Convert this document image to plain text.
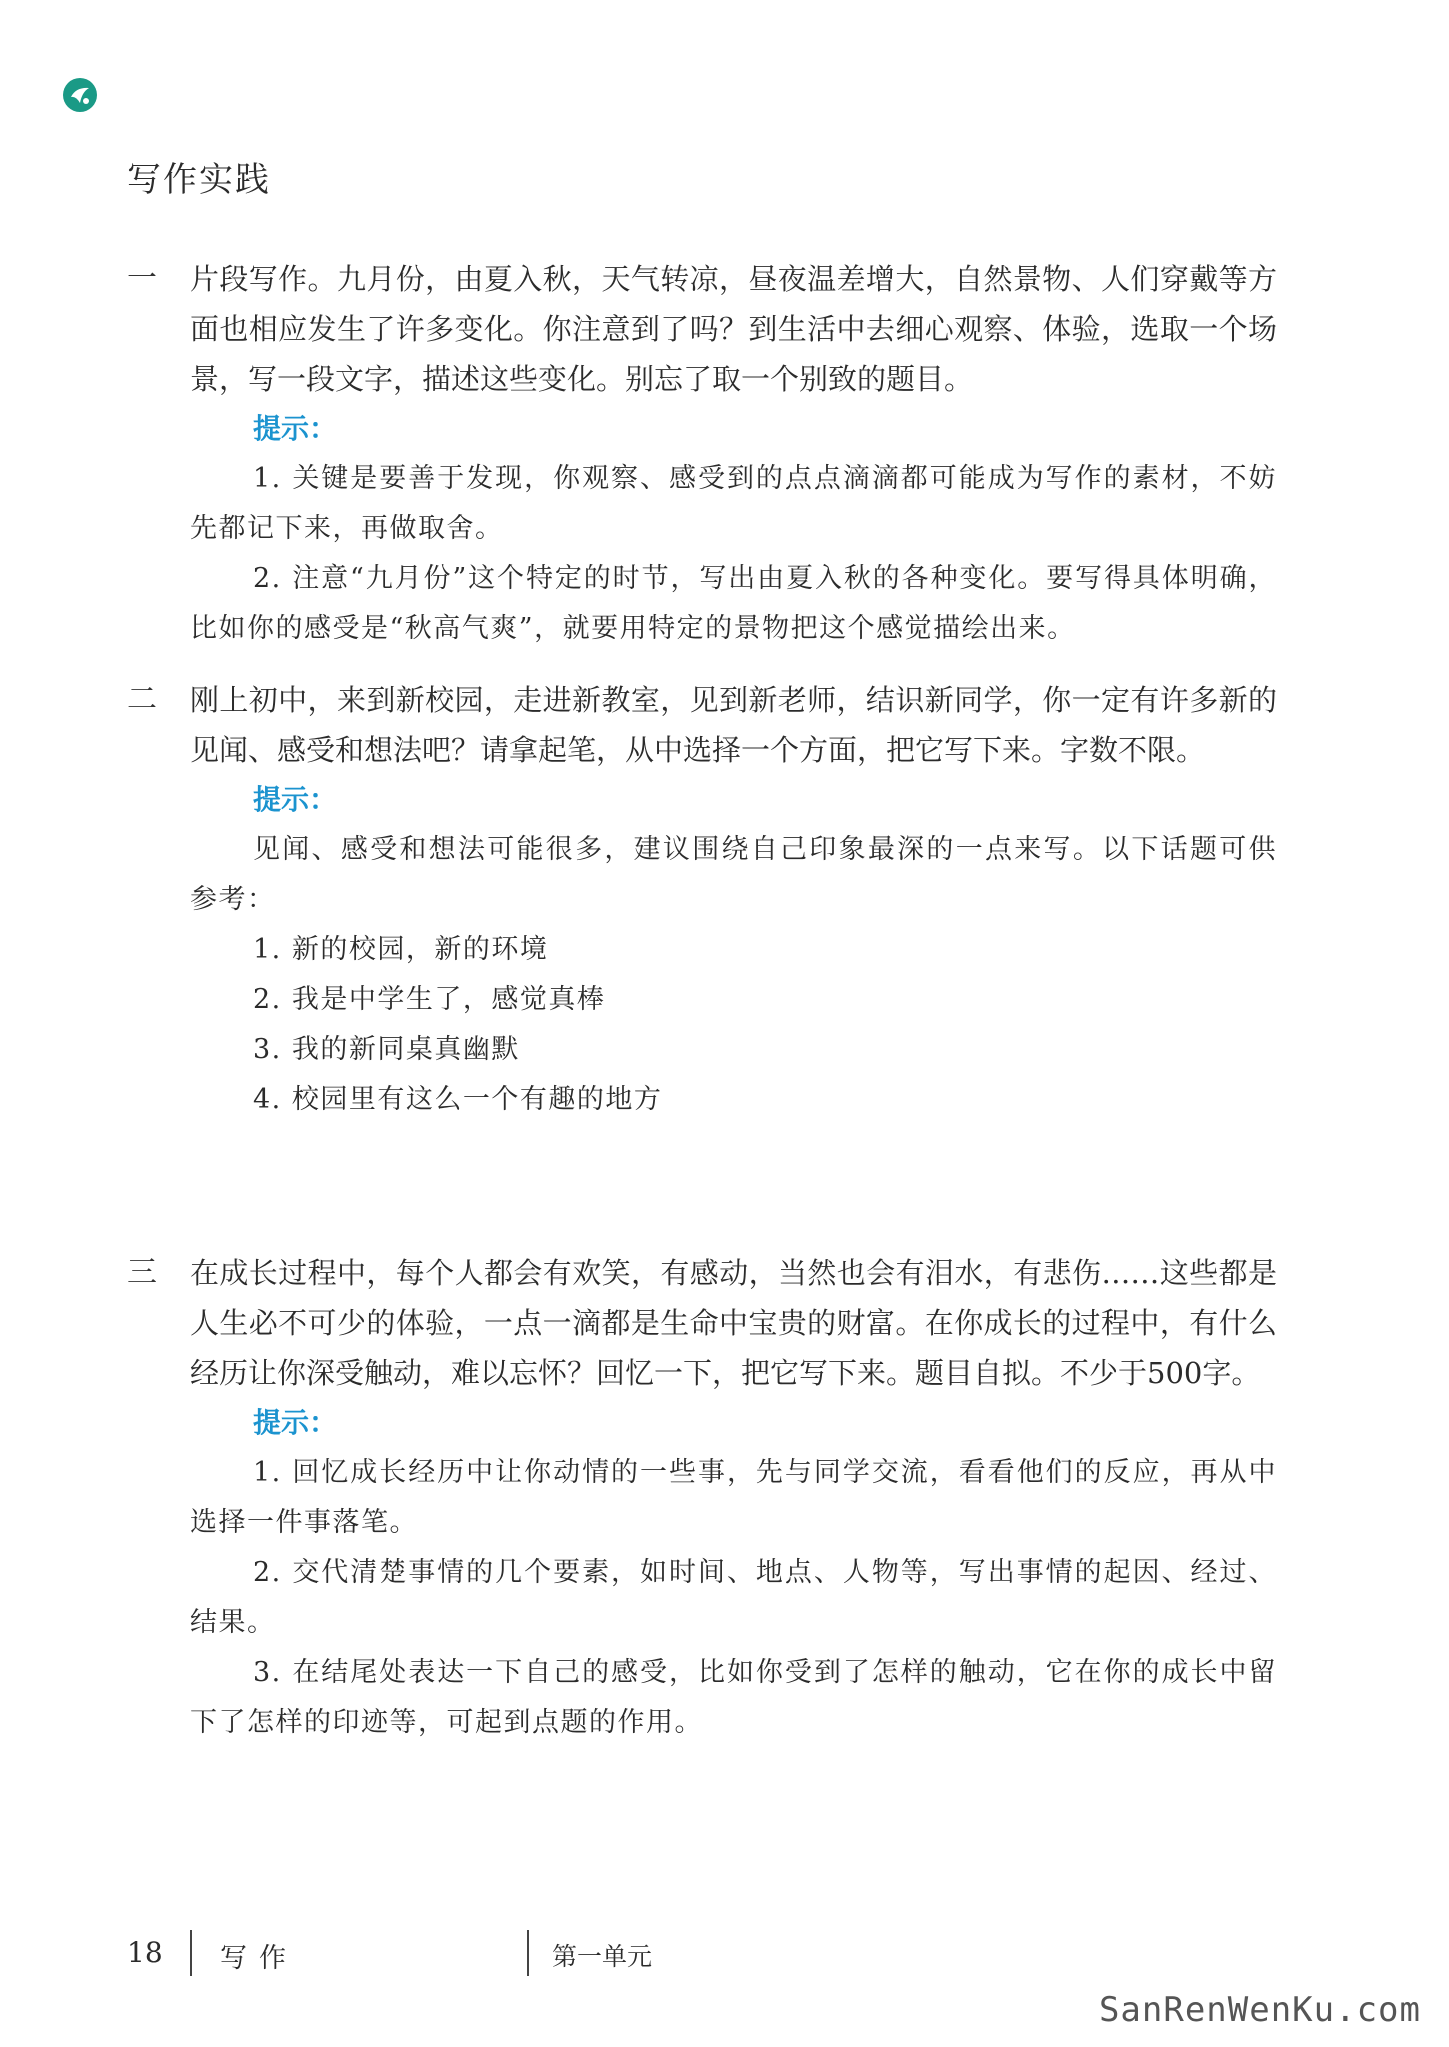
写作实践
一 片段写作。九月份，由夏入秋，天气转凉，昼夜温差增大，自然景物、人们穿戴等方面也相应发生了许多变化。你注意到了吗？到生活中去细心观察、体验，选取一个场景，写一段文字，描述这些变化。别忘了取一个别致的题目。
提示：
1. 关键是要善于发现，你观察、感受到的点点滴滴都可能成为写作的素材，不妨先都记下来，再做取舍。
2. 注意“九月份”这个特定的时节，写出由夏入秋的各种变化。要写得具体明确，比如你的感受是“秋高气爽”，就要用特定的景物把这个感觉描绘出来。
二 刚上初中，来到新校园，走进新教室，见到新老师，结识新同学，你一定有许多新的见闻、感受和想法吧？请拿起笔，从中选择一个方面，把它写下来。字数不限。
提示：
见闻、感受和想法可能很多，建议围绕自己印象最深的一点来写。以下话题可供参考：
1. 新的校园，新的环境
2. 我是中学生了，感觉真棒
3. 我的新同桌真幽默
4. 校园里有这么一个有趣的地方
三 在成长过程中，每个人都会有欢笑，有感动，当然也会有泪水，有悲伤……这些都是人生必不可少的体验，一点一滴都是生命中宝贵的财富。在你成长的过程中，有什么经历让你深受触动，难以忘怀？回忆一下，把它写下来。题目自拟。不少于500字。
提示：
1. 回忆成长经历中让你动情的一些事，先与同学交流，看看他们的反应，再从中选择一件事落笔。
2. 交代清楚事情的几个要素，如时间、地点、人物等，写出事情的起因、经过、结果。
3. 在结尾处表达一下自己的感受，比如你受到了怎样的触动，它在你的成长中留下了怎样的印迹等，可起到点题的作用。
18 写作	第一单元
SanRenWenKu.com
